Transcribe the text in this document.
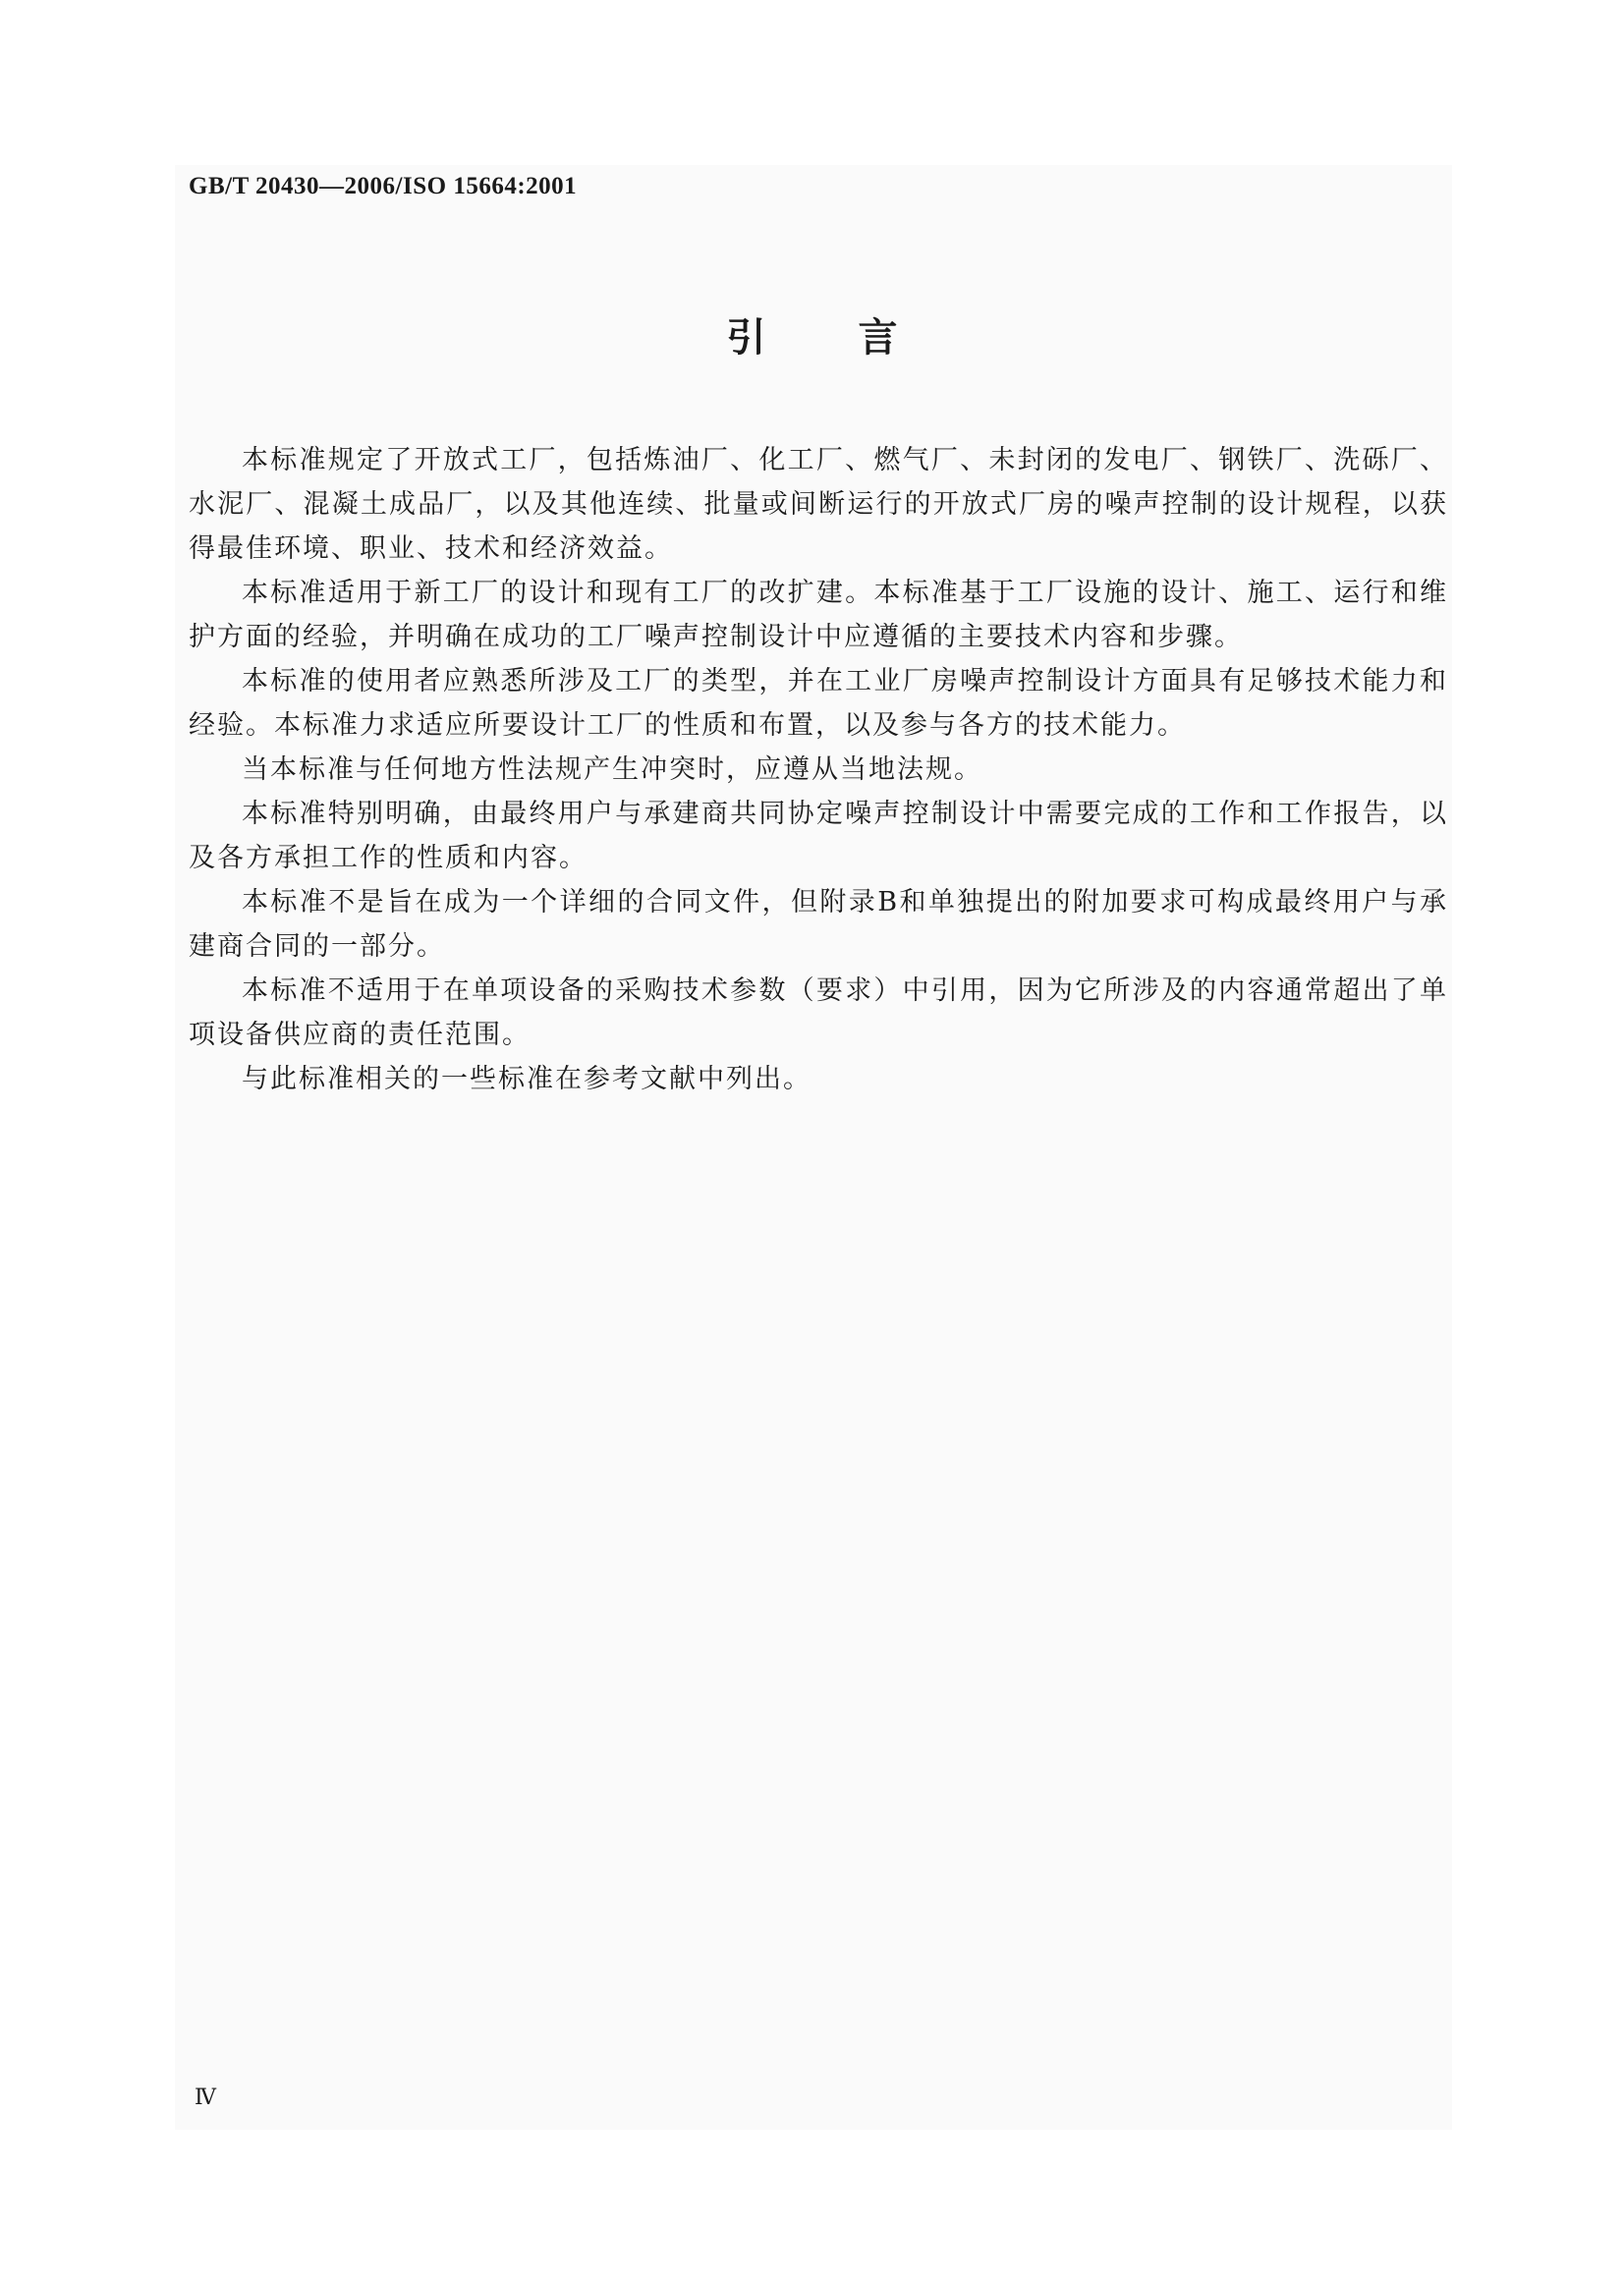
GB/T 20430—2006/ISO 15664:2001
引言

本标准规定了开放式工厂，包括炼油厂、化工厂、燃气厂、未封闭的发电厂、钢铁厂、洗砾厂、水泥厂、混凝土成品厂，以及其他连续、批量或间断运行的开放式厂房的噪声控制的设计规程，以获得最佳环境、职业、技术和经济效益。

本标准适用于新工厂的设计和现有工厂的改扩建。本标准基于工厂设施的设计、施工、运行和维护方面的经验，并明确在成功的工厂噪声控制设计中应遵循的主要技术内容和步骤。

本标准的使用者应熟悉所涉及工厂的类型，并在工业厂房噪声控制设计方面具有足够技术能力和经验。本标准力求适应所要设计工厂的性质和布置，以及参与各方的技术能力。

当本标准与任何地方性法规产生冲突时，应遵从当地法规。

本标准特别明确，由最终用户与承建商共同协定噪声控制设计中需要完成的工作和工作报告，以及各方承担工作的性质和内容。

本标准不是旨在成为一个详细的合同文件，但附录B和单独提出的附加要求可构成最终用户与承建商合同的一部分。

本标准不适用于在单项设备的采购技术参数（要求）中引用，因为它所涉及的内容通常超出了单项设备供应商的责任范围。

与此标准相关的一些标准在参考文献中列出。

Ⅳ
